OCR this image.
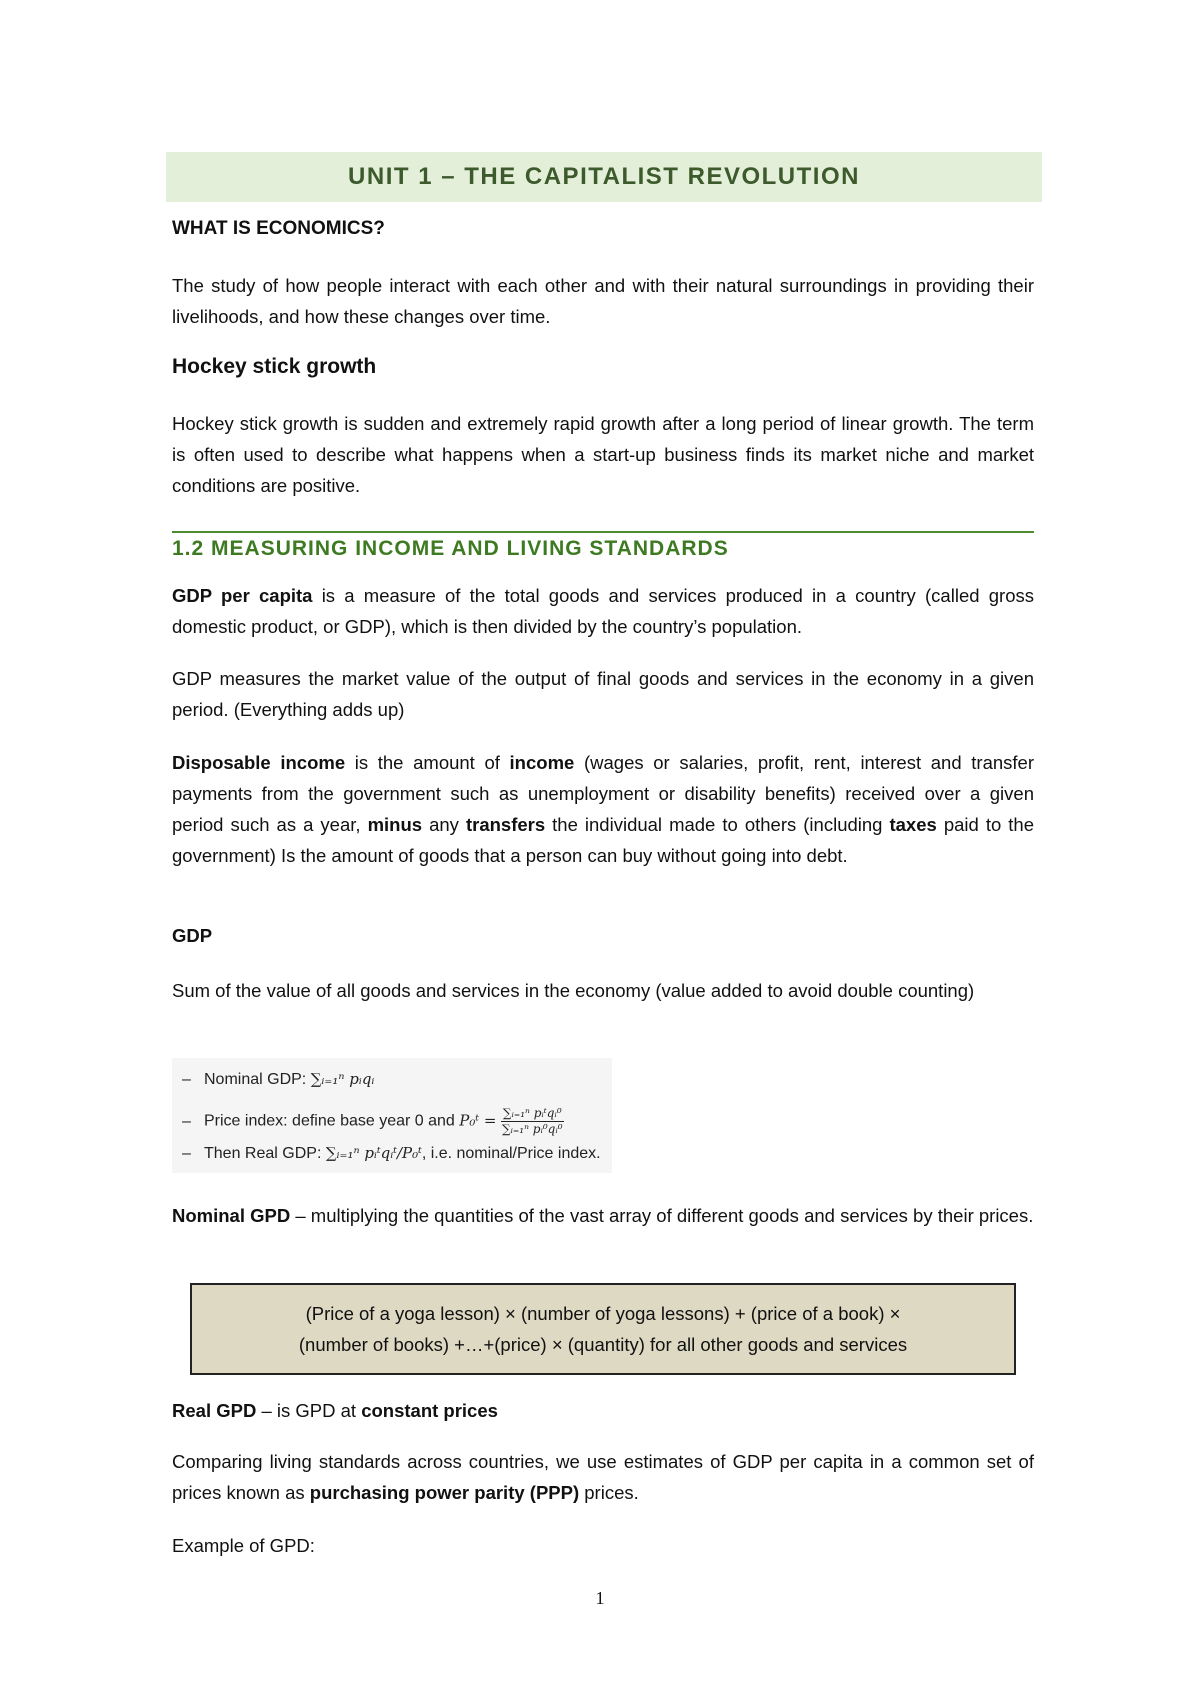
UNIT 1 – THE CAPITALIST REVOLUTION
WHAT IS ECONOMICS?

The study of how people interact with each other and with their natural surroundings in providing their livelihoods, and how these changes over time.

Hockey stick growth

Hockey stick growth is sudden and extremely rapid growth after a long period of linear growth. The term is often used to describe what happens when a start-up business finds its market niche and market conditions are positive.

1.2 MEASURING INCOME AND LIVING STANDARDS

GDP per capita is a measure of the total goods and services produced in a country (called gross domestic product, or GDP), which is then divided by the country’s population.

GDP measures the market value of the output of final goods and services in the economy in a given period. (Everything adds up)

Disposable income is the amount of income (wages or salaries, profit, rent, interest and transfer payments from the government such as unemployment or disability benefits) received over a given period such as a year, minus any transfers the individual made to others (including taxes paid to the government) Is the amount of goods that a person can buy without going into debt.

GDP

Sum of the value of all goods and services in the economy (value added to avoid double counting)

– Nominal GDP: ∑ᵢ₌₁ⁿ pᵢqᵢ
– Price index: define base year 0 and P₀ᵗ = $\frac{\text{∑ᵢ₌₁ⁿ pᵢᵗqᵢ⁰}}{\text{∑ᵢ₌₁ⁿ pᵢ⁰qᵢ⁰}}$
– Then Real GDP: ∑ᵢ₌₁ⁿ pᵢᵗqᵢᵗ/P₀ᵗ, i.e. nominal/Price index.

Nominal GPD – multiplying the quantities of the vast array of different goods and services by their prices.

(Price of a yoga lesson) × (number of yoga lessons) + (price of a book) × (number of books) +…+(price) × (quantity) for all other goods and services

Real GPD – is GPD at constant prices

Comparing living standards across countries, we use estimates of GDP per capita in a common set of prices known as purchasing power parity (PPP) prices.

Example of GPD:

1
